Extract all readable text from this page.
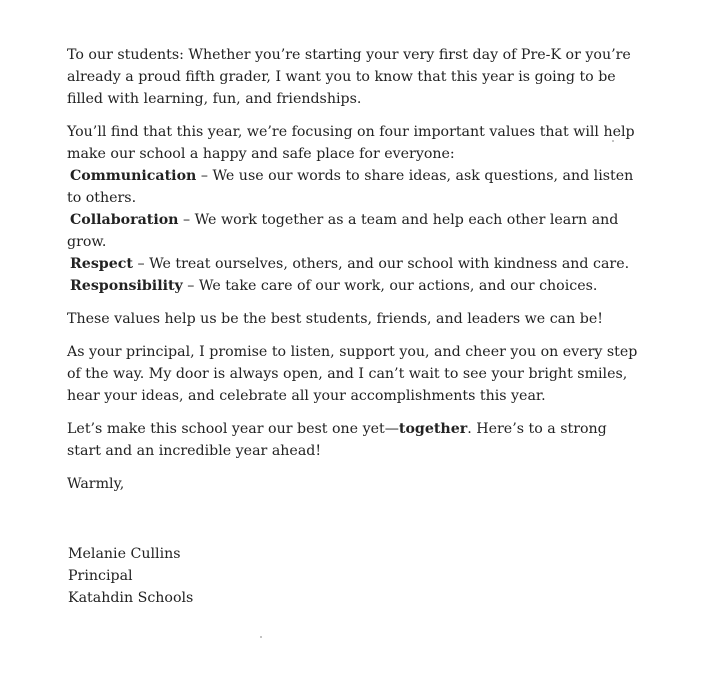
To our students: Whether you’re starting your very first day of Pre-K or you’re already a proud fifth grader, I want you to know that this year is going to be filled with learning, fun, and friendships.

You’ll find that this year, we’re focusing on four important values that will help make our school a happy and safe place for everyone:
Communication – We use our words to share ideas, ask questions, and listen to others.
Collaboration – We work together as a team and help each other learn and grow.
Respect – We treat ourselves, others, and our school with kindness and care.
Responsibility – We take care of our work, our actions, and our choices.

These values help us be the best students, friends, and leaders we can be!

As your principal, I promise to listen, support you, and cheer you on every step of the way. My door is always open, and I can’t wait to see your bright smiles, hear your ideas, and celebrate all your accomplishments this year.

Let’s make this school year our best one yet—together. Here’s to a strong start and an incredible year ahead!

Warmly,

Melanie Cullins
Principal
Katahdin Schools
